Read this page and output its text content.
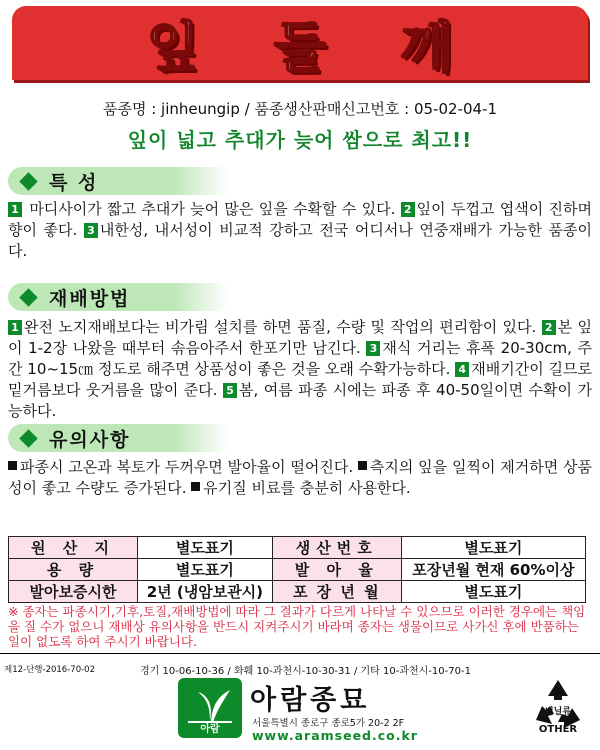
잎 들 깨
품종명 : jinheungip / 품종생산판매신고번호 : 05-02-04-1
잎이 넓고 추대가 늦어 쌈으로 최고!!
특 성
1 마디사이가 짧고 추대가 늦어 많은 잎을 수확할 수 있다. 2 잎이 두껍고 엽색이 진하며 향이 좋다. 3 내한성, 내서성이 비교적 강하고 전국 어디서나 연중재배가 가능한 품종이다.
재배방법
1 완전 노지재배보다는 비가림 설치를 하면 품질, 수량 및 작업의 편리함이 있다. 2 본 잎이 1-2장 나왔을 때부터 솎음아주서 한포기만 남긴다. 3 재식 거리는 휴폭 20-30cm, 주간 10~15㎝ 정도로 해주면 상품성이 좋은 것을 오래 수확가능하다. 4 재배기간이 길므로 밑거름보다 웃거름을 많이 준다. 5 봄, 여름 파종 시에는 파종 후 40-50일이면 수확이 가능하다.
유의사항
파종시 고온과 복토가 두꺼우면 발아율이 떨어진다. 측지의 잎을 일찍이 제거하면 상품성이 좋고 수량도 증가된다. 유기질 비료를 충분히 사용한다.
원 산 지	별도표기	생산번호	별도표기
용 량	별도표기	발 아 율	포장년월 현재 60%이상
발아보증시한	2년 (냉암보관시)	포 장 년 월	별도표기
※ 종자는 파종시기,기후,토질,재배방법에 따라 그 결과가 다르게 나타날 수 있으므로 이러한 경우에는 책임을 질 수가 없으니 재배상 유의사항을 반드시 지켜주시기 바라며 종자는 생물이므로 사가신 후에 반품하는 일이 없도록 하여 주시기 바랍니다.
제12-단행-2016-70-02	경기 10-06-10-36 / 화훼 10-과천시-10-30-31 / 기타 10-과천시-10-70-1
아람
아람종묘
서울특별시 종로구 종로5가 20-2 2F
www.aramseed.co.kr
비닐류
OTHER
